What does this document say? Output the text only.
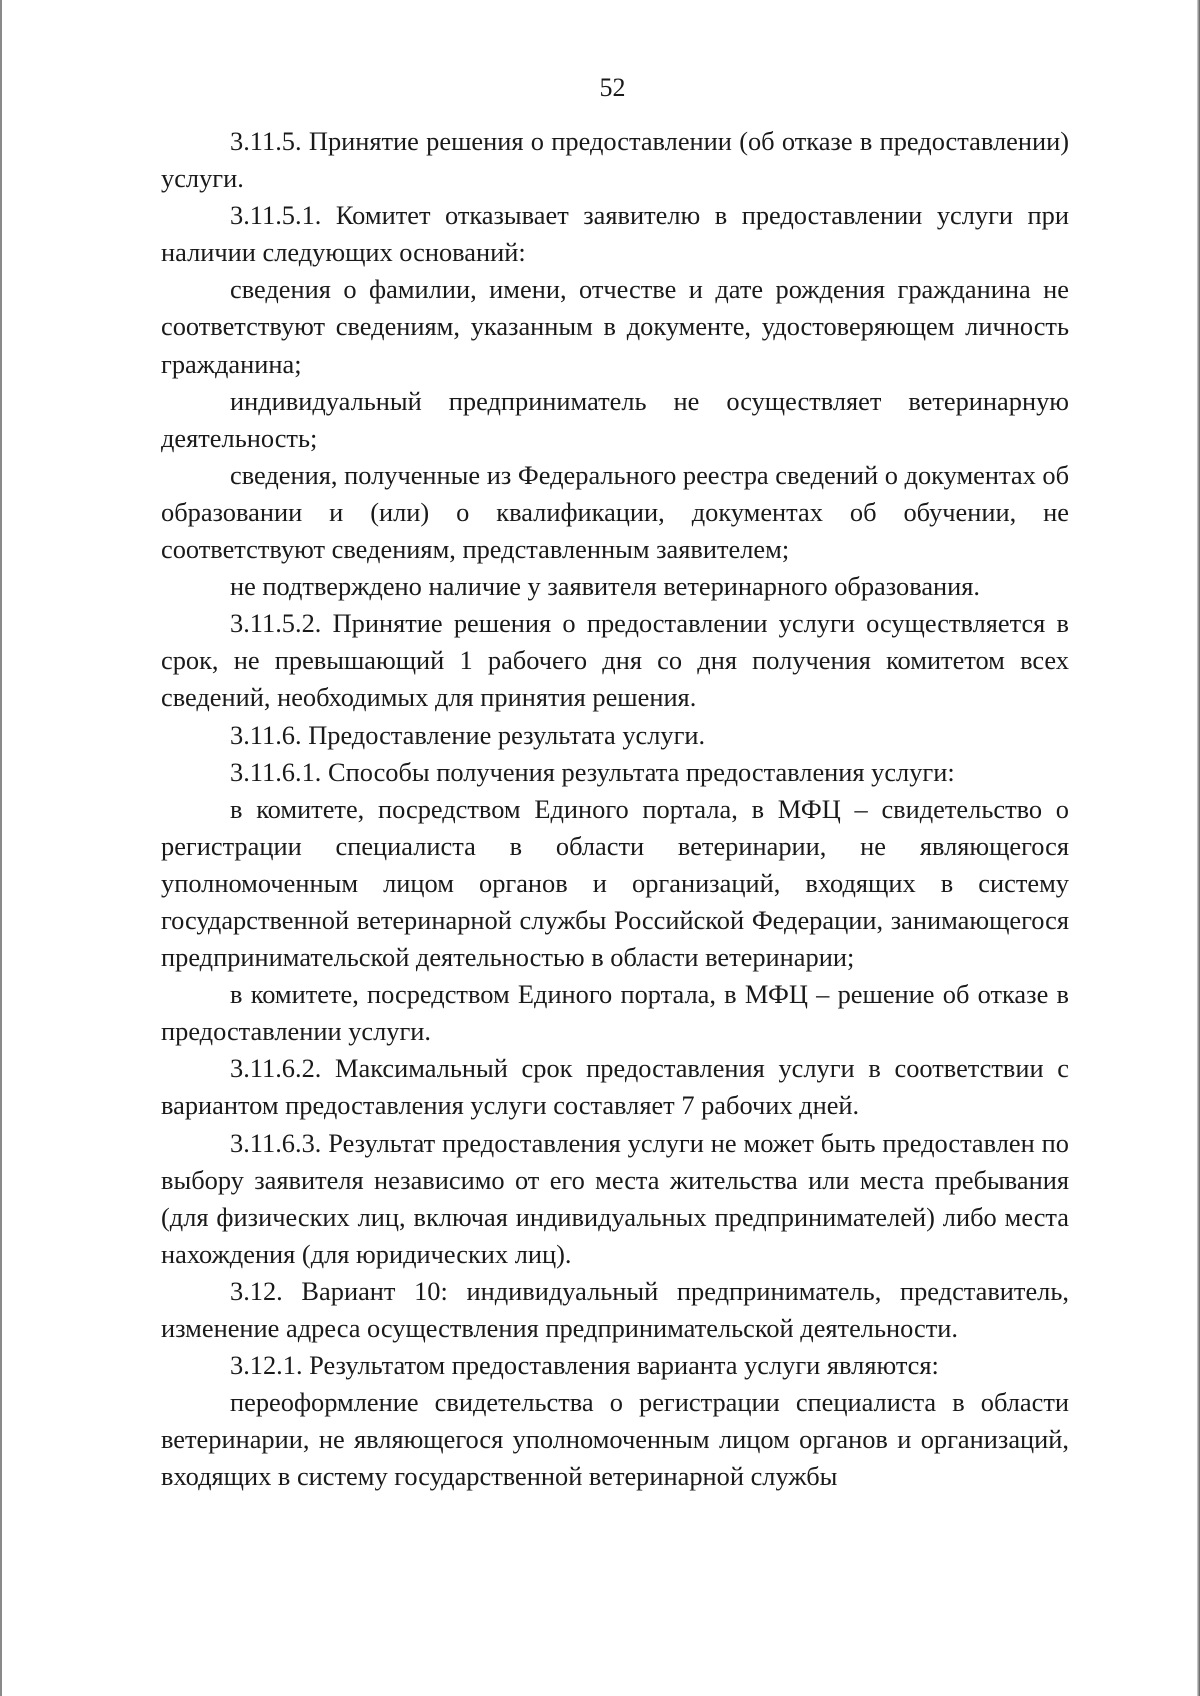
52

3.11.5. Принятие решения о предоставлении (об отказе в предоставлении) услуги.

3.11.5.1. Комитет отказывает заявителю в предоставлении услуги при наличии следующих оснований:

сведения о фамилии, имени, отчестве и дате рождения гражданина не соответствуют сведениям, указанным в документе, удостоверяющем личность гражданина;

индивидуальный предприниматель не осуществляет ветеринарную деятельность;

сведения, полученные из Федерального реестра сведений о документах об образовании и (или) о квалификации, документах об обучении, не соответствуют сведениям, представленным заявителем;

не подтверждено наличие у заявителя ветеринарного образования.

3.11.5.2. Принятие решения о предоставлении услуги осуществляется в срок, не превышающий 1 рабочего дня со дня получения комитетом всех сведений, необходимых для принятия решения.

3.11.6. Предоставление результата услуги.

3.11.6.1. Способы получения результата предоставления услуги:

в комитете, посредством Единого портала, в МФЦ – свидетельство о регистрации специалиста в области ветеринарии, не являющегося уполномоченным лицом органов и организаций, входящих в систему государственной ветеринарной службы Российской Федерации, занимающегося предпринимательской деятельностью в области ветеринарии;

в комитете, посредством Единого портала, в МФЦ – решение об отказе в предоставлении услуги.

3.11.6.2. Максимальный срок предоставления услуги в соответствии с вариантом предоставления услуги составляет 7 рабочих дней.

3.11.6.3. Результат предоставления услуги не может быть предоставлен по выбору заявителя независимо от его места жительства или места пребывания (для физических лиц, включая индивидуальных предпринимателей) либо места нахождения (для юридических лиц).

3.12. Вариант 10: индивидуальный предприниматель, представитель, изменение адреса осуществления предпринимательской деятельности.

3.12.1. Результатом предоставления варианта услуги являются:

переоформление свидетельства о регистрации специалиста в области ветеринарии, не являющегося уполномоченным лицом органов и организаций, входящих в систему государственной ветеринарной службы
